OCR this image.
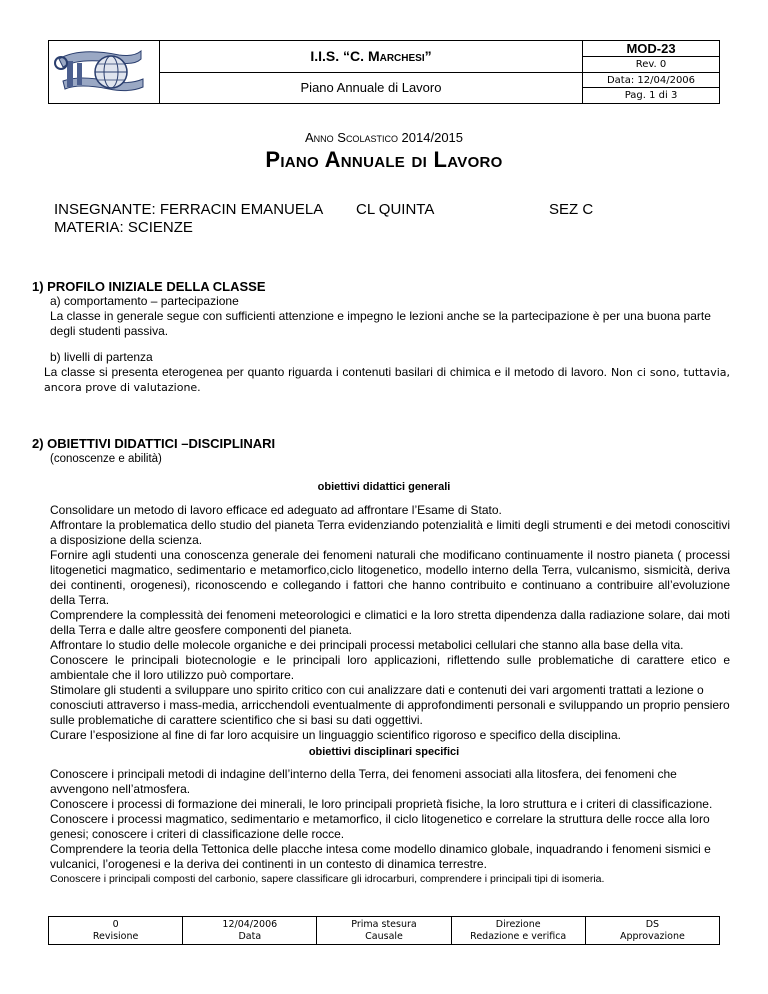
I.I.S. “C. Marchesi”
Piano Annuale di Lavoro
MOD-23
Rev. 0
Data: 12/04/2006
Pag. 1 di 3
Anno Scolastico 2014/2015
Piano Annuale di Lavoro
INSEGNANTE: FERRACIN EMANUELA
MATERIA: SCIENZE
CL QUINTA	SEZ C
1) PROFILO INIZIALE DELLA CLASSE
a) comportamento – partecipazione
La classe in generale segue con sufficienti attenzione e impegno le lezioni anche se la partecipazione è per una buona parte degli studenti passiva.
b) livelli di partenza
La classe si presenta eterogenea per quanto riguarda i contenuti basilari di chimica e il metodo di lavoro. Non ci sono, tuttavia, ancora prove di valutazione.
2) OBIETTIVI DIDATTICI –DISCIPLINARI
(conoscenze e abilità)
obiettivi didattici generali

Consolidare un metodo di lavoro efficace ed adeguato ad affrontare l’Esame di Stato.

Affrontare la problematica dello studio del pianeta Terra evidenziando potenzialità e limiti degli strumenti e dei metodi conoscitivi a disposizione della scienza.

Fornire agli studenti una conoscenza generale dei fenomeni naturali che modificano continuamente il nostro pianeta ( processi litogenetici magmatico, sedimentario e metamorfico,ciclo litogenetico, modello interno della Terra, vulcanismo, sismicità, deriva dei continenti, orogenesi), riconoscendo e collegando i fattori che hanno contribuito e continuano a contribuire all’evoluzione della Terra.

Comprendere la complessità dei fenomeni meteorologici e climatici e la loro stretta dipendenza dalla radiazione solare, dai moti della Terra e dalle altre geosfere componenti del pianeta.

Affrontare lo studio delle molecole organiche e dei principali processi metabolici cellulari che stanno alla base della vita.

Conoscere le principali biotecnologie e le principali loro applicazioni, riflettendo sulle problematiche di carattere etico e ambientale che il loro utilizzo può comportare.

Stimolare gli studenti a sviluppare uno spirito critico con cui analizzare dati e contenuti dei vari argomenti trattati a lezione o conosciuti attraverso i mass-media, arricchendoli eventualmente di approfondimenti personali e sviluppando un proprio pensiero sulle problematiche di carattere scientifico che si basi su dati oggettivi.

Curare l’esposizione al fine di far loro acquisire un linguaggio scientifico rigoroso e specifico della disciplina.

obiettivi disciplinari specifici

Conoscere i principali metodi di indagine dell’interno della Terra, dei fenomeni associati alla litosfera, dei fenomeni che avvengono nell’atmosfera.

Conoscere i processi di formazione dei minerali, le loro principali proprietà fisiche, la loro struttura e i criteri di classificazione.

Conoscere i processi magmatico, sedimentario e metamorfico, il ciclo litogenetico e correlare la struttura delle rocce alla loro genesi; conoscere i criteri di classificazione delle rocce.

Comprendere la teoria della Tettonica delle placche intesa come modello dinamico globale, inquadrando i fenomeni sismici e vulcanici, l’orogenesi e la deriva dei continenti in un contesto di dinamica terrestre.

Conoscere i principali composti del carbonio, sapere classificare gli idrocarburi, comprendere i principali tipi di isomeria.

0
Revisione
12/04/2006
Data
Prima stesura
Causale
Direzione
Redazione e verifica
DS
Approvazione
